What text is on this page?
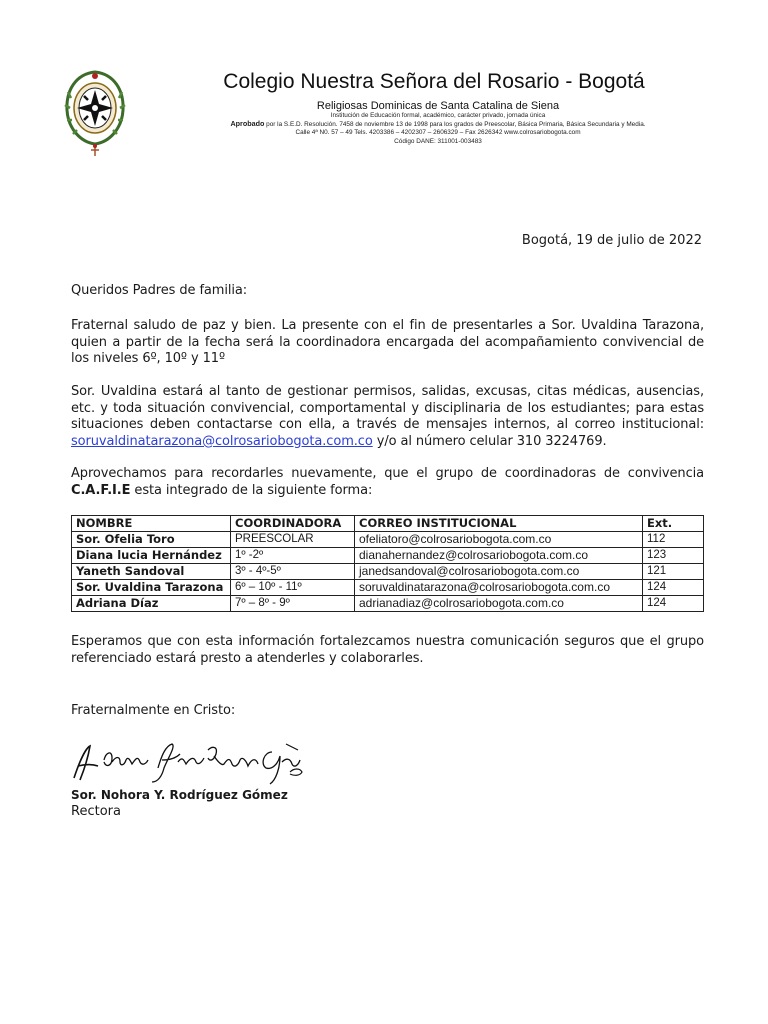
Colegio Nuestra Señora del Rosario - Bogotá
Religiosas Dominicas de Santa Catalina de Siena
Institución de Educación formal, académico, carácter privado, jornada única
Aprobado por la S.E.D. Resolución. 7458 de noviembre 13 de 1998 para los grados de Preescolar, Básica Primaria, Básica Secundaria y Media.
Calle 4ª N0. 57 – 49 Tels. 4203386 – 4202307 – 2606329 – Fax 2626342 www.colrosariobogota.com
Código DANE: 311001-003483
Bogotá, 19 de julio de 2022
Queridos Padres de familia:
Fraternal saludo de paz y bien. La presente con el fin de presentarles a Sor. Uvaldina Tarazona, quien a partir de la fecha será la coordinadora encargada del acompañamiento convivencial de los niveles 6º, 10º y 11º
Sor. Uvaldina estará al tanto de gestionar permisos, salidas, excusas, citas médicas, ausencias, etc. y toda situación convivencial, comportamental y disciplinaria de los estudiantes; para estas situaciones deben contactarse con ella, a través de mensajes internos, al correo institucional: soruvaldinatarazona@colrosariobogota.com.co y/o al número celular 310 3224769.
Aprovechamos para recordarles nuevamente, que el grupo de coordinadoras de convivencia C.A.F.I.E esta integrado de la siguiente forma:
NOMBRE	COORDINADORA	CORREO INSTITUCIONAL	Ext.
Sor. Ofelia Toro	PREESCOLAR	ofeliatoro@colrosariobogota.com.co	112
Diana lucia Hernández	1º -2º	dianahernandez@colrosariobogota.com.co	123
Yaneth Sandoval	3º - 4º-5º	janedsandoval@colrosariobogota.com.co	121
Sor. Uvaldina Tarazona	6º – 10º - 11º	soruvaldinatarazona@colrosariobogota.com.co	124
Adriana Díaz	7º – 8º - 9º	adrianadiaz@colrosariobogota.com.co	124
Esperamos que con esta información fortalezcamos nuestra comunicación seguros que el grupo referenciado estará presto a atenderles y colaborarles.
Fraternalmente en Cristo:
Sor. Nohora Y. Rodríguez Gómez
Rectora
